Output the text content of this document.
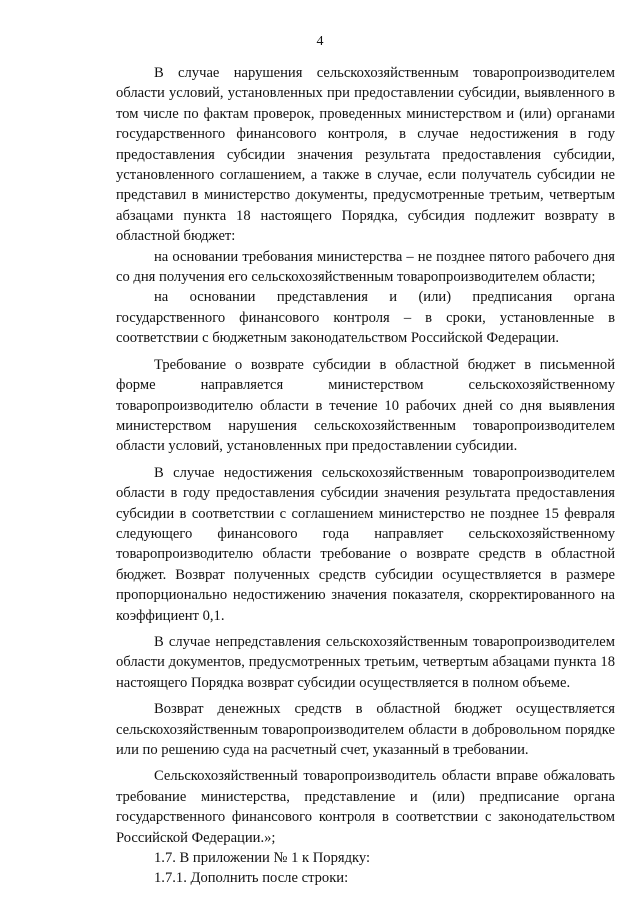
4

В случае нарушения сельскохозяйственным товаропроизводителем области условий, установленных при предоставлении субсидии, выявленного в том числе по фактам проверок, проведенных министерством и (или) органами государственного финансового контроля, в случае недостижения в году предоставления субсидии значения результата предоставления субсидии, установленного соглашением, а также в случае, если получатель субсидии не представил в министерство документы, предусмотренные третьим, четвертым абзацами пункта 18 настоящего Порядка, субсидия подлежит возврату в областной бюджет:

на основании требования министерства – не позднее пятого рабочего дня со дня получения его сельскохозяйственным товаропроизводителем области;

на основании представления и (или) предписания органа государственного финансового контроля – в сроки, установленные в соответствии с бюджетным законодательством Российской Федерации.

Требование о возврате субсидии в областной бюджет в письменной форме направляется министерством сельскохозяйственному товаропроизводителю области в течение 10 рабочих дней со дня выявления министерством нарушения сельскохозяйственным товаропроизводителем области условий, установленных при предоставлении субсидии.

В случае недостижения сельскохозяйственным товаропроизводителем области в году предоставления субсидии значения результата предоставления субсидии в соответствии с соглашением министерство не позднее 15 февраля следующего финансового года направляет сельскохозяйственному товаропроизводителю области требование о возврате средств в областной бюджет. Возврат полученных средств субсидии осуществляется в размере пропорционально недостижению значения показателя, скорректированного на коэффициент 0,1.

В случае непредставления сельскохозяйственным товаропроизводителем области документов, предусмотренных третьим, четвертым абзацами пункта 18 настоящего Порядка возврат субсидии осуществляется в полном объеме.

Возврат денежных средств в областной бюджет осуществляется сельскохозяйственным товаропроизводителем области в добровольном порядке или по решению суда на расчетный счет, указанный в требовании.

Сельскохозяйственный товаропроизводитель области вправе обжаловать требование министерства, представление и (или) предписание органа государственного финансового контроля в соответствии с законодательством Российской Федерации.»;

1.7. В приложении № 1 к Порядку:

1.7.1. Дополнить после строки:
